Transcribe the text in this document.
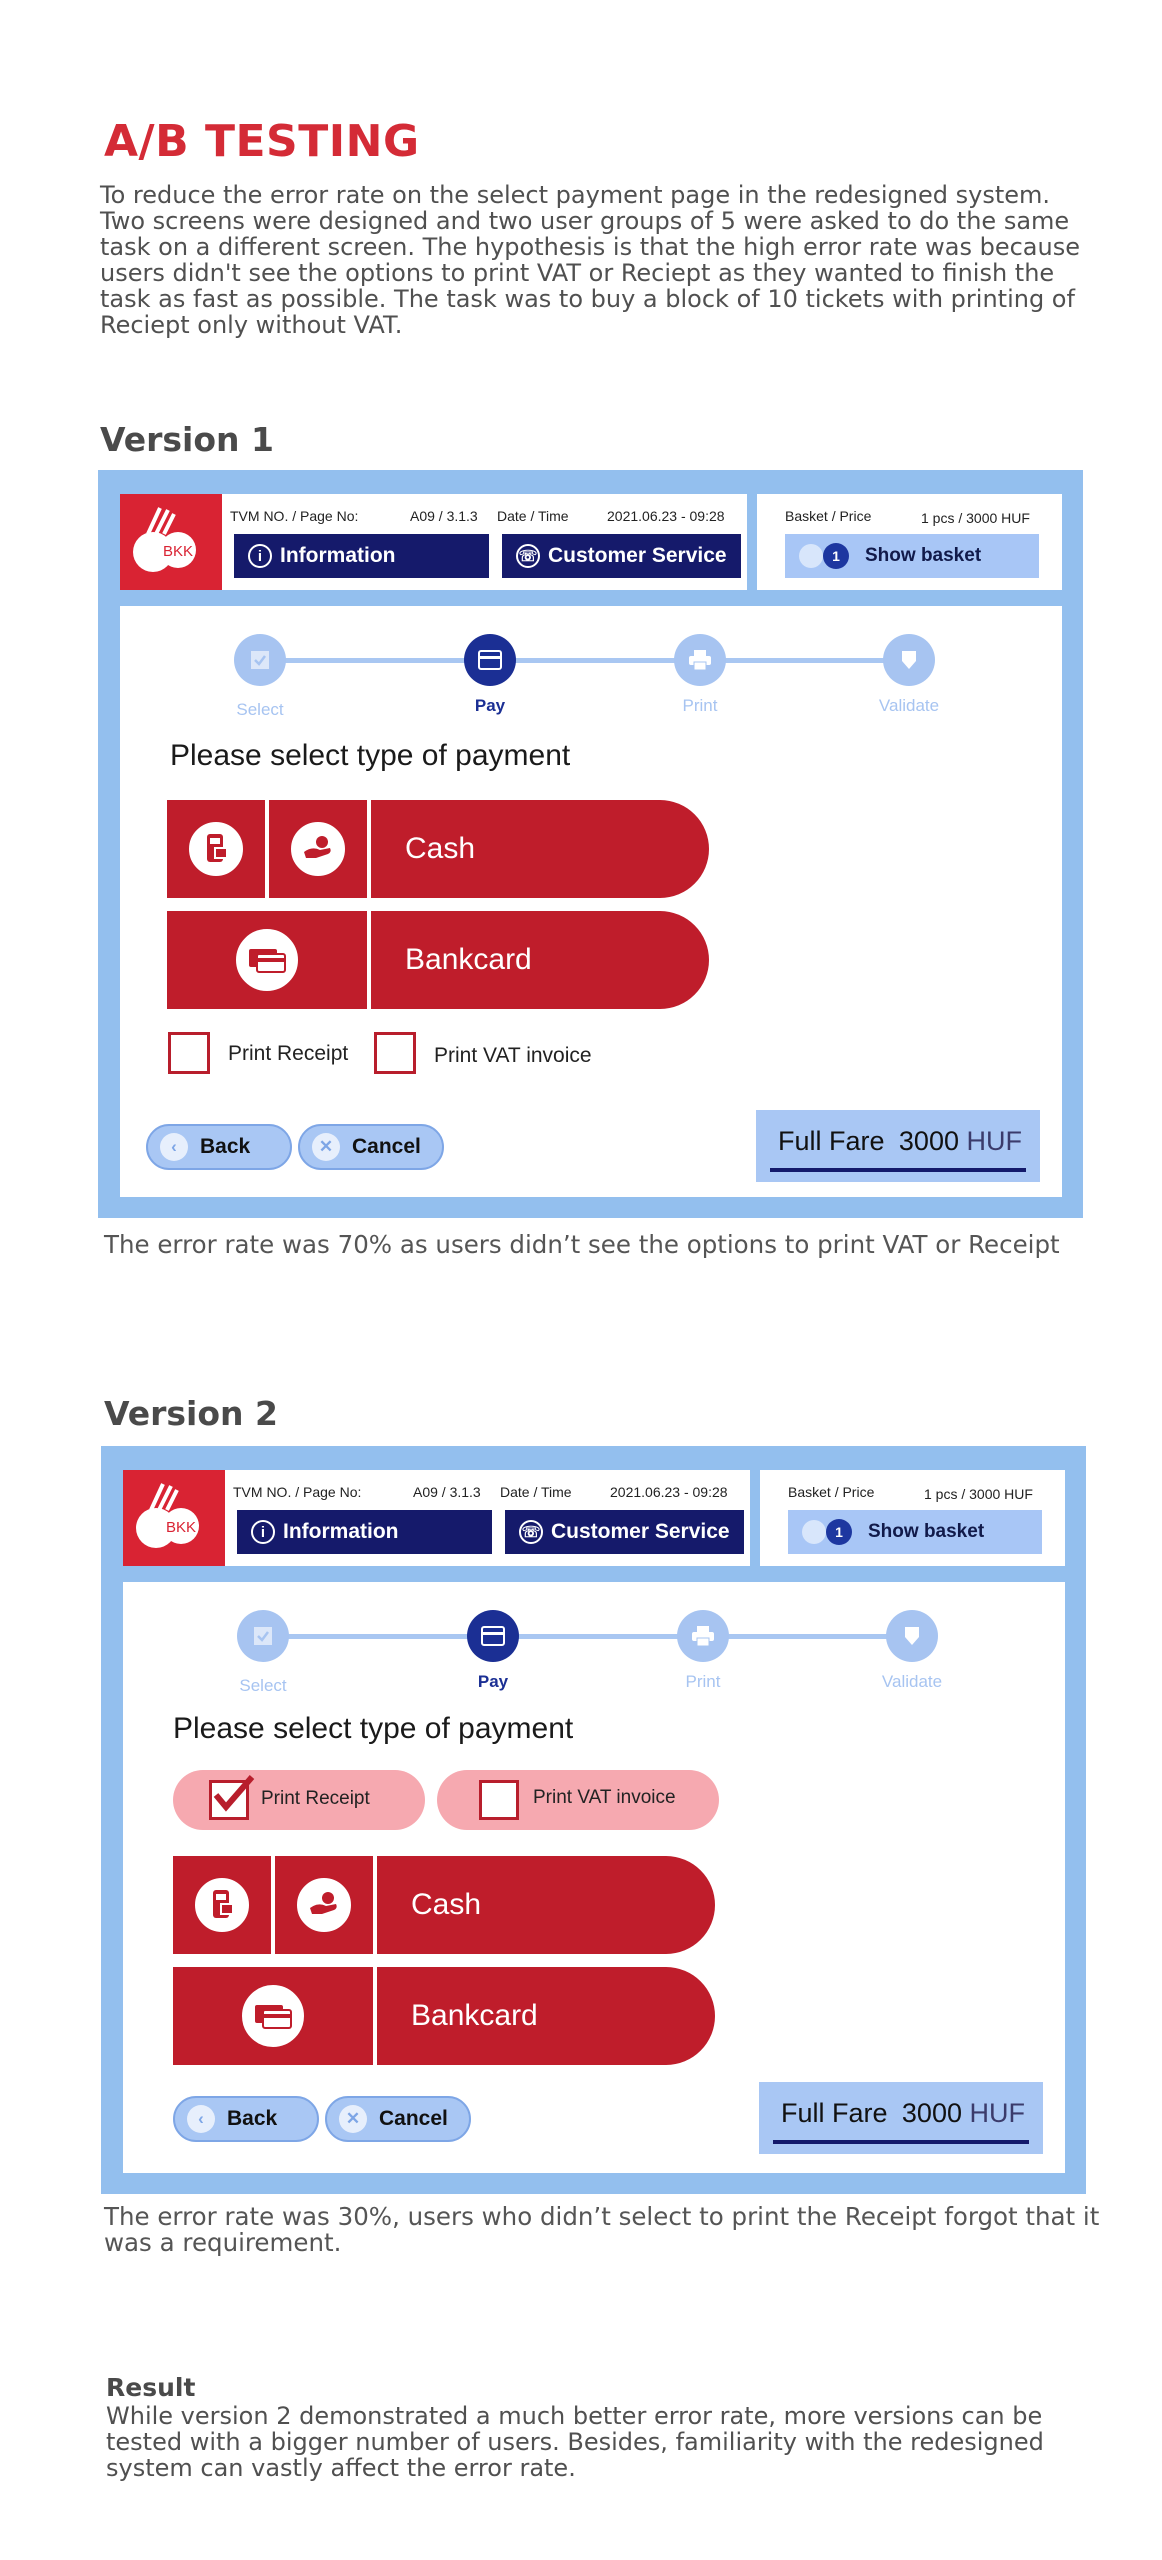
A/B TESTING
To reduce the error rate on the select payment page in the redesigned system. Two screens were designed and two user groups of 5 were asked to do the same task on a different screen. The hypothesis is that the high error rate was because users didn't see the options to print VAT or Reciept as they wanted to finish the task as fast as possible. The task was to buy a block of 10 tickets with printing of Reciept only without VAT.
Version 1
BKK
TVM NO. / Page No:	A09 / 3.1.3 Date / Time	2021.06.23 - 09:28
i Information	☏ Customer Service
Basket / Price	1 pcs / 3000 HUF
1	Show basket
Select	Pay	Print	Validate
Please select type of payment
Cash
Bankcard
Print Receipt	Print VAT invoice
‹	Back	✕ Cancel	Full Fare 3000 HUF
The error rate was 70% as users didn’t see the options to print VAT or Receipt
Version 2
BKK
TVM NO. / Page No:	A09 / 3.1.3 Date / Time	2021.06.23 - 09:28
i Information	☏ Customer Service
Basket / Price	1 pcs / 3000 HUF
1	Show basket
Select	Pay	Print	Validate
Please select type of payment
Print Receipt	Print VAT invoice
Cash
Bankcard
‹	Back	✕ Cancel	Full Fare 3000 HUF
The error rate was 30%, users who didn’t select to print the Receipt forgot that it was a requirement.
Result
While version 2 demonstrated a much better error rate, more versions can be tested with a bigger number of users. Besides, familiarity with the redesigned system can vastly affect the error rate.
